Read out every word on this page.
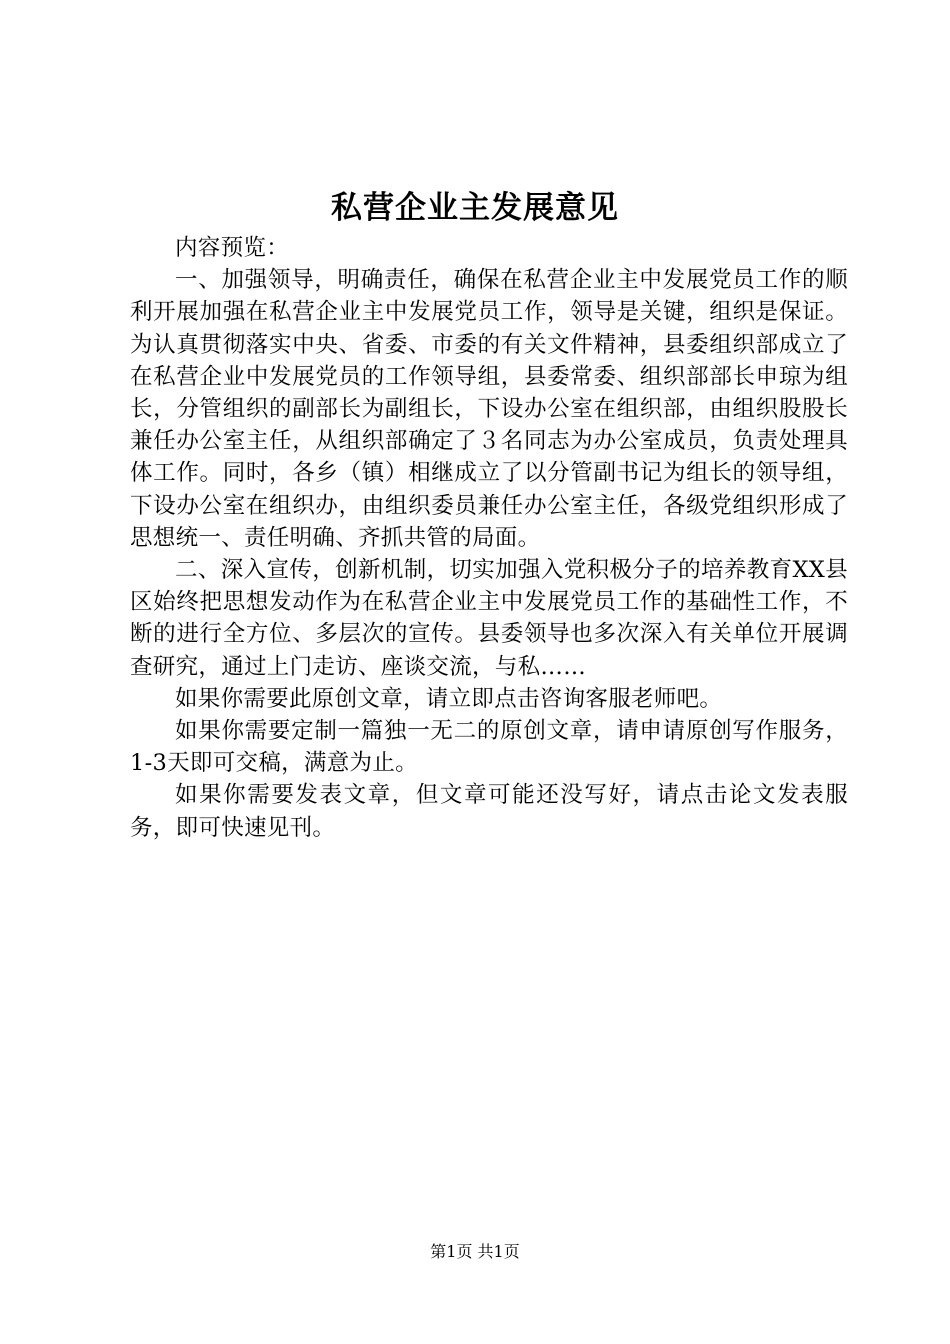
私营企业主发展意见

内容预览：

一、加强领导，明确责任，确保在私营企业主中发展党员工作的顺利开展加强在私营企业主中发展党员工作，领导是关键，组织是保证。为认真贯彻落实中央、省委、市委的有关文件精神，县委组织部成立了在私营企业中发展党员的工作领导组，县委常委、组织部部长申琼为组长，分管组织的副部长为副组长，下设办公室在组织部，由组织股股长兼任办公室主任，从组织部确定了３名同志为办公室成员，负责处理具体工作。同时，各乡（镇）相继成立了以分管副书记为组长的领导组，下设办公室在组织办，由组织委员兼任办公室主任，各级党组织形成了思想统一、责任明确、齐抓共管的局面。

二、深入宣传，创新机制，切实加强入党积极分子的培养教育XX县区始终把思想发动作为在私营企业主中发展党员工作的基础性工作，不断的进行全方位、多层次的宣传。县委领导也多次深入有关单位开展调查研究，通过上门走访、座谈交流，与私……

如果你需要此原创文章，请立即点击咨询客服老师吧。

如果你需要定制一篇独一无二的原创文章，请申请原创写作服务，1-3天即可交稿，满意为止。

如果你需要发表文章，但文章可能还没写好，请点击论文发表服务，即可快速见刊。

第1页 共1页
